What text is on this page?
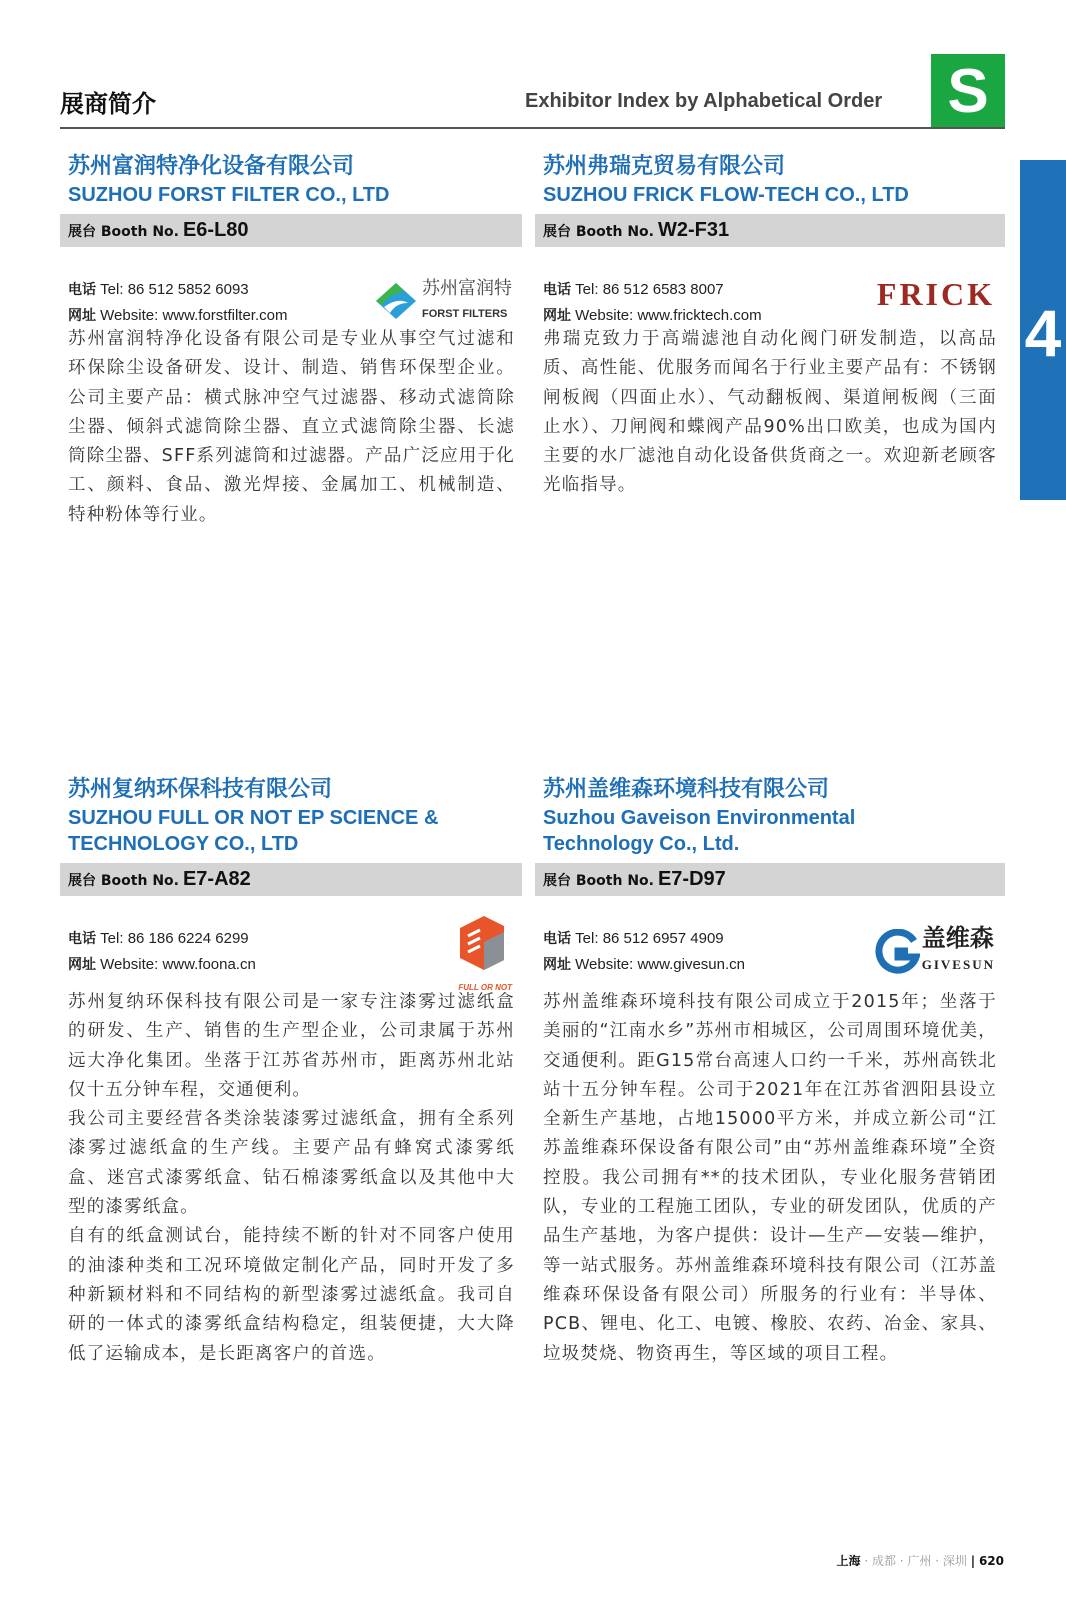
展商简介	Exhibitor Index by Alphabetical Order S
4
苏州富润特净化设备有限公司
SUZHOU FORST FILTER CO., LTD
展台 Booth No. E6-L80
电话 Tel: 86 512 5852 6093
网址 Website: www.forstfilter.com
苏州富润特
FORST FILTERS

苏州富润特净化设备有限公司是专业从事空气过滤和环保除尘设备研发、设计、制造、销售环保型企业。公司主要产品：横式脉冲空气过滤器、移动式滤筒除尘器、倾斜式滤筒除尘器、直立式滤筒除尘器、长滤筒除尘器、SFF系列滤筒和过滤器。产品广泛应用于化工、颜料、食品、激光焊接、金属加工、机械制造、特种粉体等行业。

苏州弗瑞克贸易有限公司
SUZHOU FRICK FLOW-TECH CO., LTD
展台 Booth No. W2-F31
电话 Tel: 86 512 6583 8007
网址 Website: www.fricktech.com
FRICK

弗瑞克致力于高端滤池自动化阀门研发制造，以高品质、高性能、优服务而闻名于行业主要产品有：不锈钢闸板阀（四面止水）、气动翻板阀、渠道闸板阀（三面止水）、刀闸阀和蝶阀产品90%出口欧美，也成为国内主要的水厂滤池自动化设备供货商之一。欢迎新老顾客光临指导。

苏州复纳环保科技有限公司
SUZHOU FULL OR NOT EP SCIENCE & TECHNOLOGY CO., LTD
展台 Booth No. E7-A82
电话 Tel: 86 186 6224 6299
网址 Website: www.foona.cn
FULL OR NOT

苏州复纳环保科技有限公司是一家专注漆雾过滤纸盒的研发、生产、销售的生产型企业，公司隶属于苏州远大净化集团。坐落于江苏省苏州市，距离苏州北站仅十五分钟车程，交通便利。

我公司主要经营各类涂装漆雾过滤纸盒，拥有全系列漆雾过滤纸盒的生产线。主要产品有蜂窝式漆雾纸盒、迷宫式漆雾纸盒、钻石棉漆雾纸盒以及其他中大型的漆雾纸盒。

自有的纸盒测试台，能持续不断的针对不同客户使用的油漆种类和工况环境做定制化产品，同时开发了多种新颖材料和不同结构的新型漆雾过滤纸盒。我司自研的一体式的漆雾纸盒结构稳定，组装便捷，大大降低了运输成本，是长距离客户的首选。

苏州盖维森环境科技有限公司
Suzhou Gaveison Environmental Technology Co., Ltd.
展台 Booth No. E7-D97
电话 Tel: 86 512 6957 4909
网址 Website: www.givesun.cn
盖维森
GIVESUN

苏州盖维森环境科技有限公司成立于2015年；坐落于美丽的“江南水乡”苏州市相城区，公司周围环境优美，交通便利。距G15常台高速人口约一千米，苏州高铁北站十五分钟车程。公司于2021年在江苏省泗阳县设立全新生产基地，占地15000平方米，并成立新公司“江苏盖维森环保设备有限公司”由“苏州盖维森环境”全资控股。我公司拥有**的技术团队，专业化服务营销团队，专业的工程施工团队，专业的研发团队，优质的产品生产基地，为客户提供：设计—生产—安装—维护，等一站式服务。苏州盖维森环境科技有限公司（江苏盖维森环保设备有限公司）所服务的行业有：半导体、PCB、锂电、化工、电镀、橡胶、农药、冶金、家具、垃圾焚烧、物资再生，等区域的项目工程。

上海 · 成都 · 广州 · 深圳 | 620
